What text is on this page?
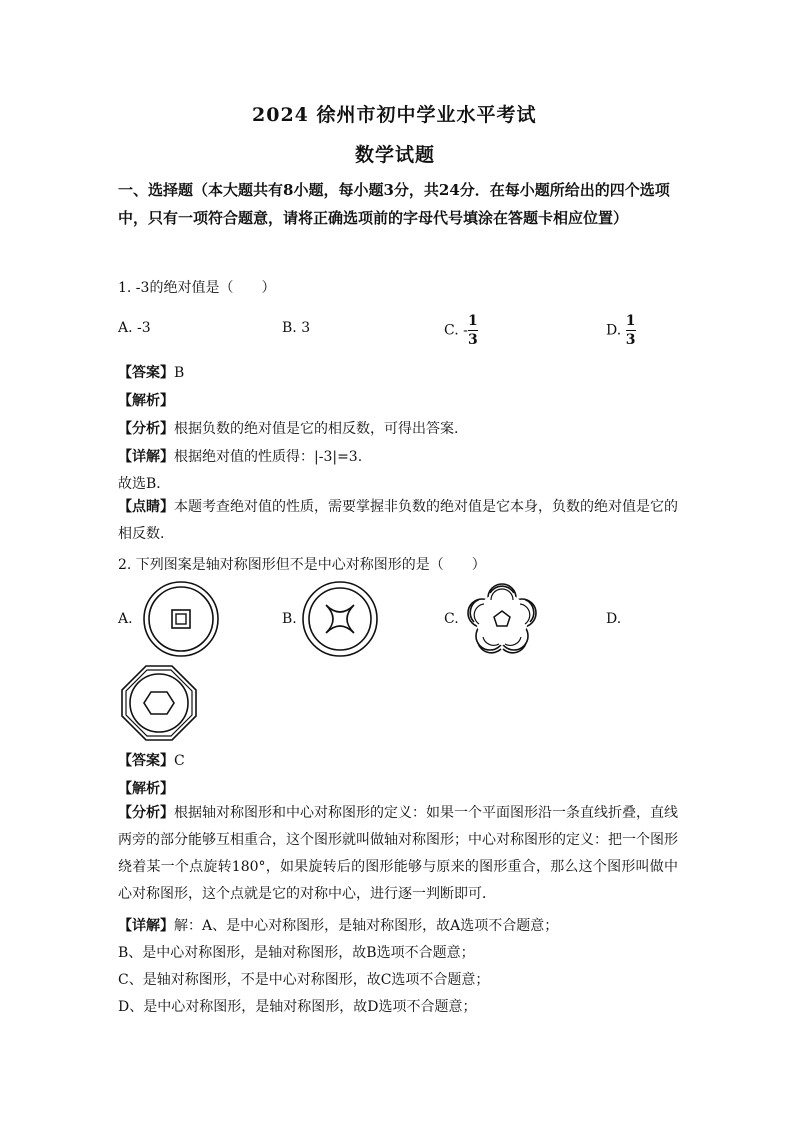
2024 徐州市初中学业水平考试
数学试题
一、选择题（本大题共有8小题，每小题3分，共24分．在每小题所给出的四个选项中，只有一项符合题意，请将正确选项前的字母代号填涂在答题卡相应位置）
1. -3的绝对值是（　　）
A. -3	B. 3	C. - $\frac{1}{3}$	D. $\frac{1}{3}$
【答案】B
【解析】
【分析】根据负数的绝对值是它的相反数，可得出答案.
【详解】根据绝对值的性质得：|-3|=3.
故选B．
【点睛】本题考查绝对值的性质，需要掌握非负数的绝对值是它本身，负数的绝对值是它的相反数.
2. 下列图案是轴对称图形但不是中心对称图形的是（　　）
A.	B.	C.	D.
【答案】C
【解析】
【分析】根据轴对称图形和中心对称图形的定义：如果一个平面图形沿一条直线折叠，直线两旁的部分能够互相重合，这个图形就叫做轴对称图形；中心对称图形的定义：把一个图形绕着某一个点旋转180°，如果旋转后的图形能够与原来的图形重合，那么这个图形叫做中心对称图形，这个点就是它的对称中心，进行逐一判断即可．
【详解】解：A、是中心对称图形，是轴对称图形，故A选项不合题意；
B、是中心对称图形，是轴对称图形，故B选项不合题意；
C、是轴对称图形，不是中心对称图形，故C选项不合题意；
D、是中心对称图形，是轴对称图形，故D选项不合题意；
